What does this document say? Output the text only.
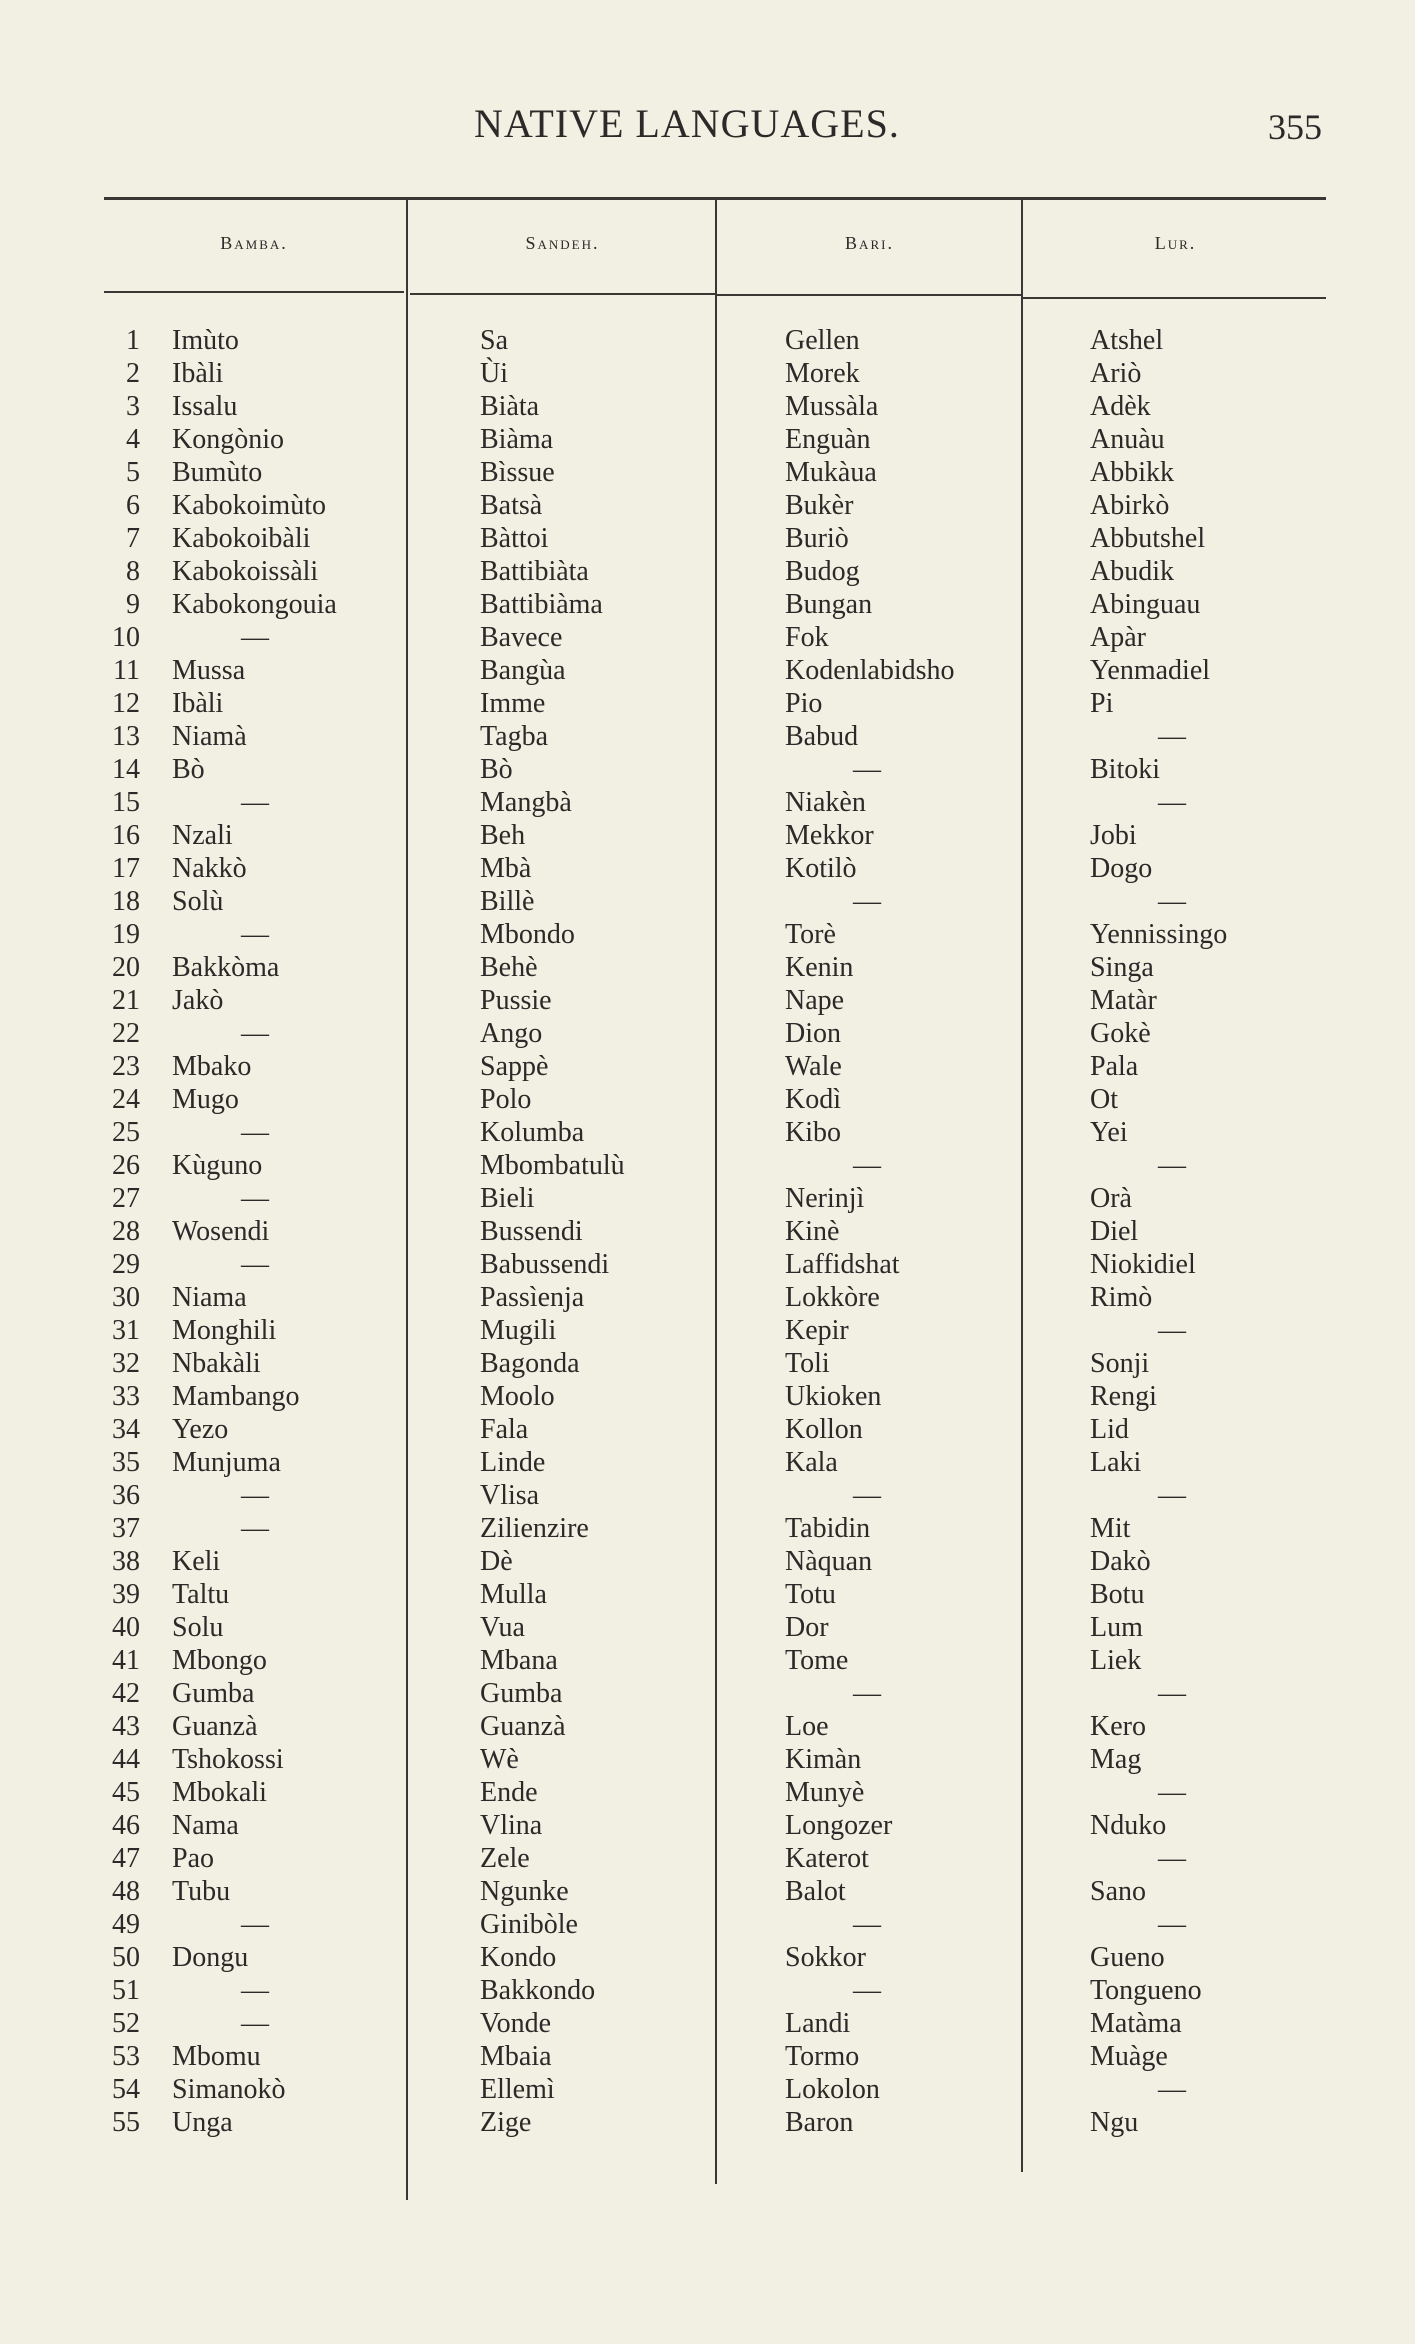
NATIVE LANGUAGES.	355
Bamba.	Sandeh.	Bari.	Lur.
1 Imùto	Sa	Gellen	Atshel
2 Ibàli	Ùi	Morek	Ariò
3 Issalu	Biàta	Mussàla	Adèk
4 Kongònio	Biàma	Enguàn	Anuàu
5 Bumùto	Bìssue	Mukàua	Abbikk
6 Kabokoimùto	Batsà	Bukèr	Abirkò
7 Kabokoibàli	Bàttoi	Buriò	Abbutshel
8 Kabokoissàli	Battibiàta	Budog	Abudik
9 Kabokongouia	Battibiàma	Bungan	Abinguau
10	—	Bavece	Fok	Apàr
11 Mussa	Bangùa	Kodenlabidsho	Yenmadiel
12 Ibàli	Imme	Pio	Pi
13 Niamà	Tagba	Babud	—
14 Bò	Bò	—	Bitoki
15	—	Mangbà	Niakèn	—
16 Nzali	Beh	Mekkor	Jobi
17 Nakkò	Mbà	Kotilò	Dogo
18 Solù	Billè	—	—
19	—	Mbondo	Torè	Yennissingo
20 Bakkòma	Behè	Kenin	Singa
21 Jakò	Pussie	Nape	Matàr
22	—	Ango	Dion	Gokè
23 Mbako	Sappè	Wale	Pala
24 Mugo	Polo	Kodì	Ot
25	—	Kolumba	Kibo	Yei
26 Kùguno	Mbombatulù	—	—
27	—	Bieli	Nerinjì	Orà
28 Wosendi	Bussendi	Kinè	Diel
29	—	Babussendi	Laffidshat	Niokidiel
30 Niama	Passìenja	Lokkòre	Rimò
31 Monghili	Mugili	Kepir	—
32 Nbakàli	Bagonda	Toli	Sonji
33 Mambango	Moolo	Ukioken	Rengi
34 Yezo	Fala	Kollon	Lid
35 Munjuma	Linde	Kala	Laki
36	—	Vlisa	—	—
37	—	Zilienzire	Tabidin	Mit
38 Keli	Dè	Nàquan	Dakò
39 Taltu	Mulla	Totu	Botu
40 Solu	Vua	Dor	Lum
41 Mbongo	Mbana	Tome	Liek
42 Gumba	Gumba	—	—
43 Guanzà	Guanzà	Loe	Kero
44 Tshokossi	Wè	Kimàn	Mag
45 Mbokali	Ende	Munyè	—
46 Nama	Vlina	Longozer	Nduko
47 Pao	Zele	Katerot	—
48 Tubu	Ngunke	Balot	Sano
49	—	Ginibòle	—	—
50 Dongu	Kondo	Sokkor	Gueno
51	—	Bakkondo	—	Tongueno
52	—	Vonde	Landi	Matàma
53 Mbomu	Mbaia	Tormo	Muàge
54 Simanokò	Ellemì	Lokolon	—
55 Unga	Zige	Baron	Ngu
